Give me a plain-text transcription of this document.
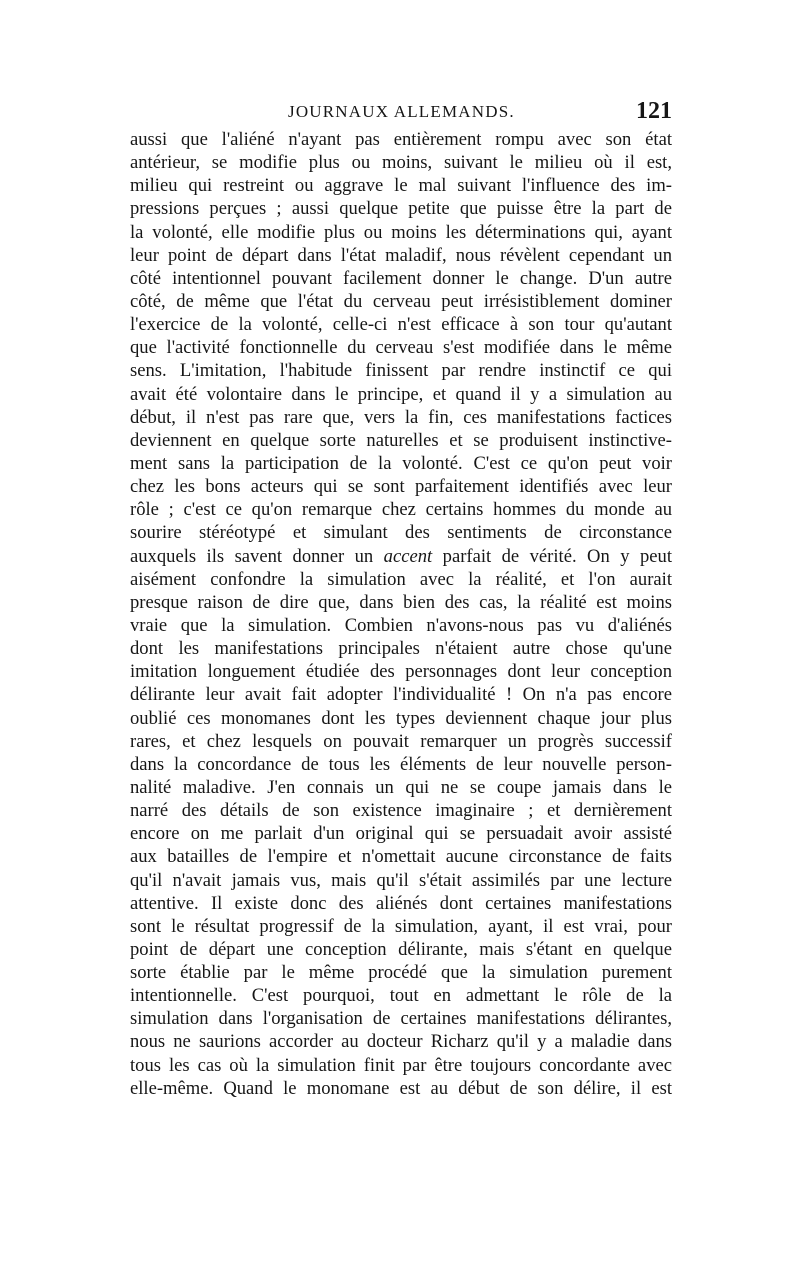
JOURNAUX ALLEMANDS.	121
aussi que l'aliéné n'ayant pas entièrement rompu avec son état
antérieur, se modifie plus ou moins, suivant le milieu où il est,
milieu qui restreint ou aggrave le mal suivant l'influence des im-
pressions perçues ; aussi quelque petite que puisse être la part de
la volonté, elle modifie plus ou moins les déterminations qui, ayant
leur point de départ dans l'état maladif, nous révèlent cependant un
côté intentionnel pouvant facilement donner le change. D'un autre
côté, de même que l'état du cerveau peut irrésistiblement dominer
l'exercice de la volonté, celle-ci n'est efficace à son tour qu'autant
que l'activité fonctionnelle du cerveau s'est modifiée dans le même
sens. L'imitation, l'habitude finissent par rendre instinctif ce qui
avait été volontaire dans le principe, et quand il y a simulation au
début, il n'est pas rare que, vers la fin, ces manifestations factices
deviennent en quelque sorte naturelles et se produisent instinctive-
ment sans la participation de la volonté. C'est ce qu'on peut voir
chez les bons acteurs qui se sont parfaitement identifiés avec leur
rôle ; c'est ce qu'on remarque chez certains hommes du monde au
sourire stéréotypé et simulant des sentiments de circonstance
auxquels ils savent donner un accent parfait de vérité. On y peut
aisément confondre la simulation avec la réalité, et l'on aurait
presque raison de dire que, dans bien des cas, la réalité est moins
vraie que la simulation. Combien n'avons-nous pas vu d'aliénés
dont les manifestations principales n'étaient autre chose qu'une
imitation longuement étudiée des personnages dont leur conception
délirante leur avait fait adopter l'individualité ! On n'a pas encore
oublié ces monomanes dont les types deviennent chaque jour plus
rares, et chez lesquels on pouvait remarquer un progrès successif
dans la concordance de tous les éléments de leur nouvelle person-
nalité maladive. J'en connais un qui ne se coupe jamais dans le
narré des détails de son existence imaginaire ; et dernièrement
encore on me parlait d'un original qui se persuadait avoir assisté
aux batailles de l'empire et n'omettait aucune circonstance de faits
qu'il n'avait jamais vus, mais qu'il s'était assimilés par une lecture
attentive. Il existe donc des aliénés dont certaines manifestations
sont le résultat progressif de la simulation, ayant, il est vrai, pour
point de départ une conception délirante, mais s'étant en quelque
sorte établie par le même procédé que la simulation purement
intentionnelle. C'est pourquoi, tout en admettant le rôle de la
simulation dans l'organisation de certaines manifestations délirantes,
nous ne saurions accorder au docteur Richarz qu'il y a maladie dans
tous les cas où la simulation finit par être toujours concordante avec
elle-même. Quand le monomane est au début de son délire, il est
